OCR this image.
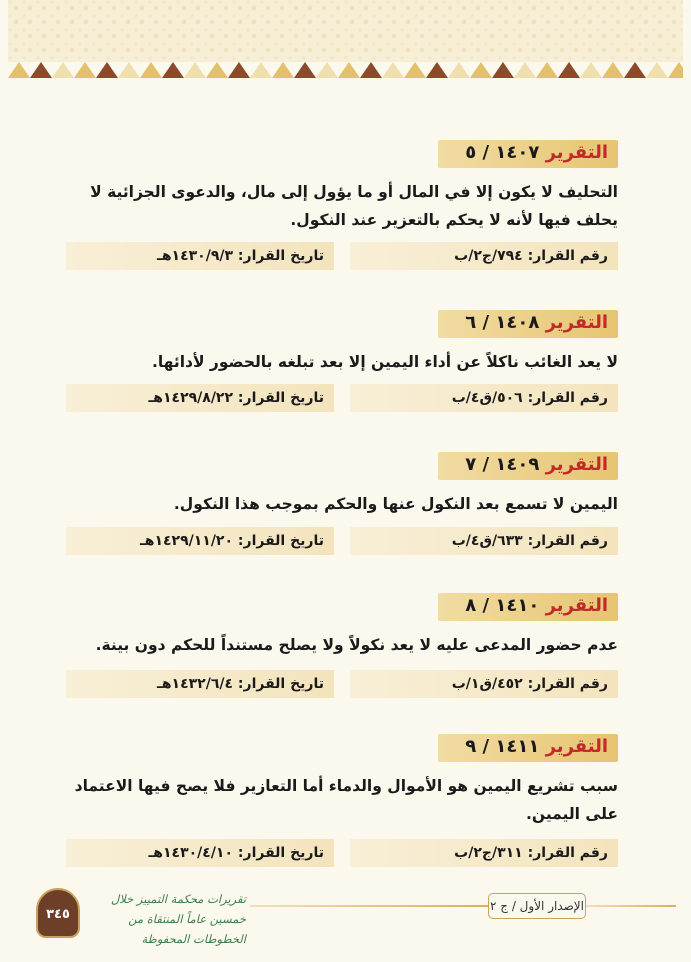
التقرير ١٤٠٧ / ٥
التحليف لا يكون إلا في المال أو ما يؤول إلى مال، والدعوى الجزائية لا يحلف فيها لأنه لا يحكم بالتعزير عند النكول.
رقم القرار: ٧٩٤/ج٢/ب
تاريخ القرار: ١٤٣٠/٩/٣هـ
التقرير ١٤٠٨ / ٦
لا يعد الغائب ناكلاً عن أداء اليمين إلا بعد تبلغه بالحضور لأدائها.
رقم القرار: ٥٠٦/ق٤/ب
تاريخ القرار: ١٤٢٩/٨/٢٢هـ
التقرير ١٤٠٩ / ٧
اليمين لا تسمع بعد النكول عنها والحكم بموجب هذا النكول.
رقم القرار: ٦٣٣/ق٤/ب
تاريخ القرار: ١٤٢٩/١١/٢٠هـ
التقرير ١٤١٠ / ٨
عدم حضور المدعى عليه لا يعد نكولاً ولا يصلح مستنداً للحكم دون بينة.
رقم القرار: ٤٥٢/ق١/ب
تاريخ القرار: ١٤٣٢/٦/٤هـ
التقرير ١٤١١ / ٩
سبب تشريع اليمين هو الأموال والدماء أما التعازير فلا يصح فيها الاعتماد على اليمين.
رقم القرار: ٣١١/ج٢/ب
تاريخ القرار: ١٤٣٠/٤/١٠هـ
الإصدار الأول / ج ٢
تقريرات محكمة التمييز خلال خمسين عاماً المنتقاة من الخطوطات المحفوظة
٣٤٥
